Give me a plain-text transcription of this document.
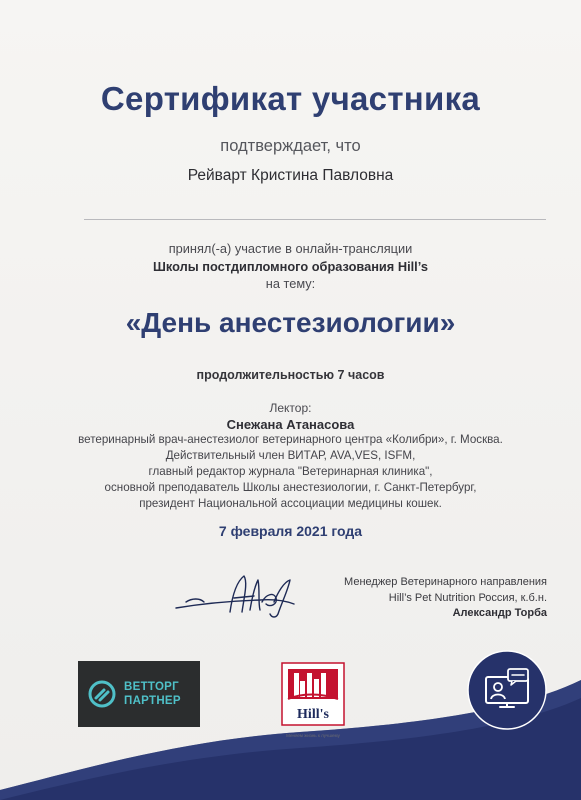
Сертификат участника
подтверждает, что
Рейварт Кристина Павловна
принял(-а) участие в онлайн-трансляции
Школы постдипломного образования Hill’s
на тему:
«День анестезиологии»
продолжительностью 7 часов
Лектор:
Снежана Атанасова
ветеринарный врач-анестезиолог ветеринарного центра «Колибри», г. Москва.
Действительный член ВИТАР, AVA,VES, ISFM,
главный редактор журнала "Ветеринарная клиника",
основной преподаватель Школы анестезиологии, г. Санкт-Петербург,
президент Национальной ассоциации медицины кошек.
7 февраля 2021 года
Менеджер Ветеринарного направления
Hill’s Pet Nutrition Россия, к.б.н.
Александр Торба
ВЕТТОРГ
ПАРТНЕР
Hill's
Меняем жизнь к лучшему
